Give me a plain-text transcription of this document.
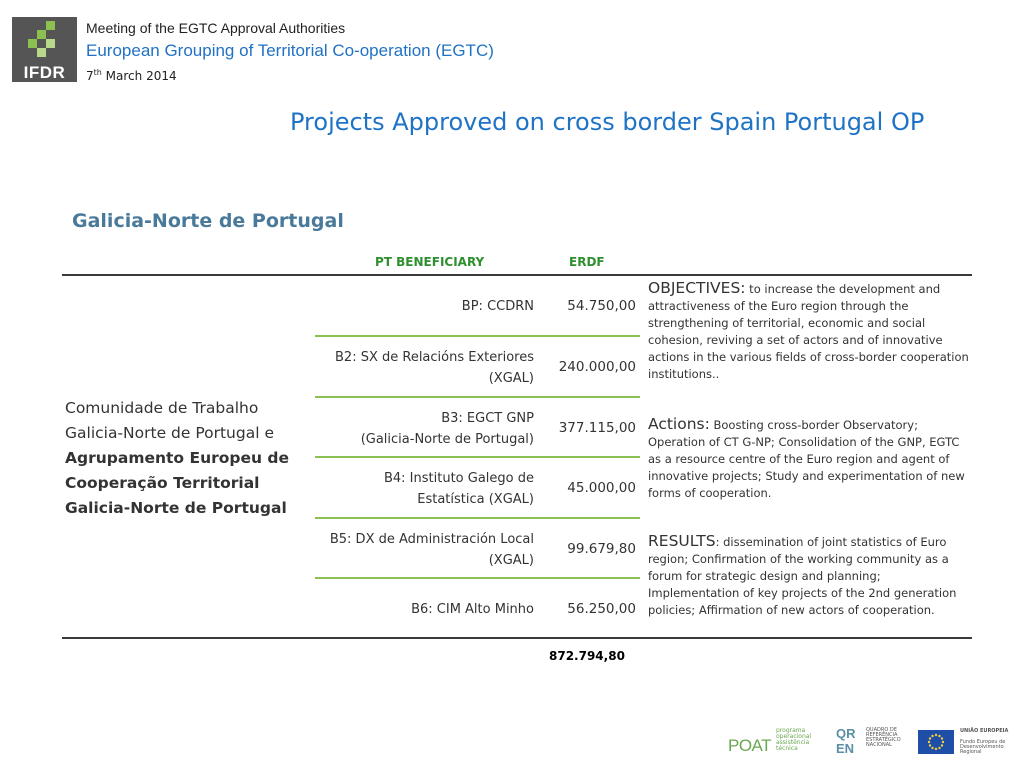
IFDR
Meeting of the EGTC Approval Authorities
European Grouping of Territorial Co-operation (EGTC)
7th March 2014
Projects Approved on cross border Spain Portugal OP
Galicia-Norte de Portugal
PT BENEFICIARY	ERDF
Comunidade de Trabalho
Galicia-Norte de Portugal e
Agrupamento Europeu de
Cooperação Territorial
Galicia-Norte de Portugal
BP: CCDRN 54.750,00
B2: SX de Relacións Exteriores
(XGAL)
240.000,00
B3: EGCT GNP
(Galicia-Norte de Portugal)
377.115,00
B4: Instituto Galego de
Estatística (XGAL)
45.000,00
B5: DX de Administración Local
(XGAL)
99.679,80
B6: CIM Alto Minho 56.250,00
OBJECTIVES: to increase the development and attractiveness of the Euro region through the strengthening of territorial, economic and social cohesion, reviving a set of actors and of innovative actions in the various fields of cross-border cooperation institutions..
Actions: Boosting cross-border Observatory; Operation of CT G-NP; Consolidation of the GNP, EGTC as a resource centre of the Euro region and agent of innovative projects; Study and experimentation of new forms of cooperation.
RESULTS: dissemination of joint statistics of Euro region; Confirmation of the working community as a forum for strategic design and planning; Implementation of key projects of the 2nd generation policies; Affirmation of new actors of cooperation.
872.794,80
POAT
programa operacional assistência técnica
QREN
QUADRO DE REFERÊNCIA ESTRATÉGICO NACIONAL
UNIÃO EUROPEIA
Fundo Europeu de Desenvolvimento Regional
